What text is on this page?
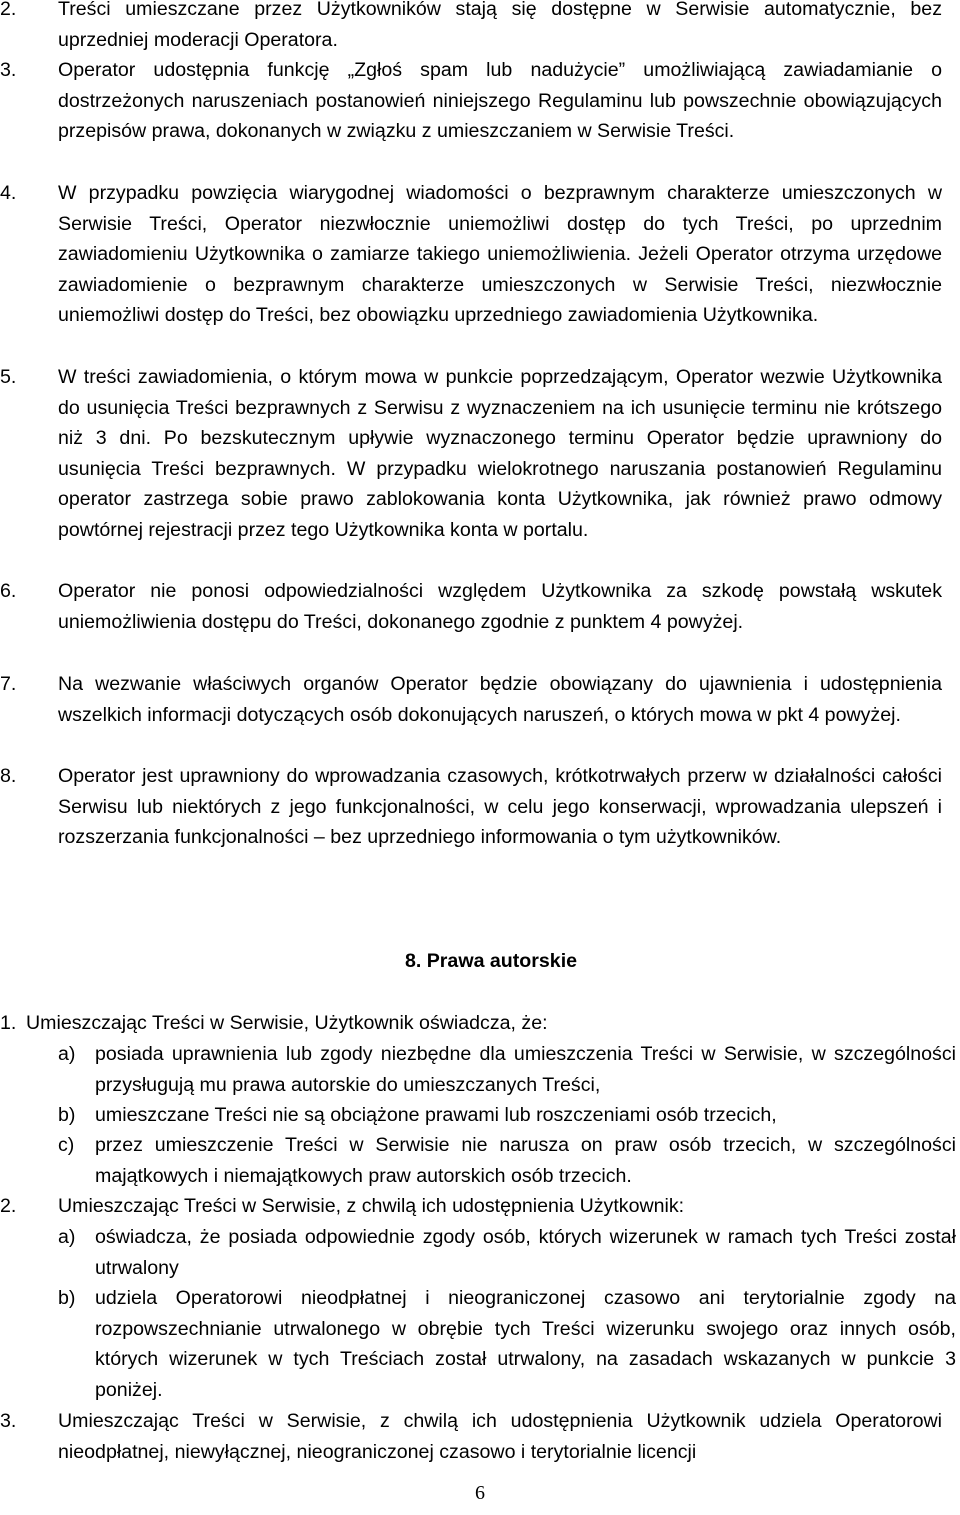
2. Treści umieszczane przez Użytkowników stają się dostępne w Serwisie automatycznie, bez uprzedniej moderacji Operatora.
3. Operator udostępnia funkcję „Zgłoś spam lub nadużycie” umożliwiającą zawiadamianie o dostrzeżonych naruszeniach postanowień niniejszego Regulaminu lub powszechnie obowiązujących przepisów prawa, dokonanych w związku z umieszczaniem w Serwisie Treści.
4. W przypadku powzięcia wiarygodnej wiadomości o bezprawnym charakterze umieszczonych w Serwisie Treści, Operator niezwłocznie uniemożliwi dostęp do tych Treści, po uprzednim zawiadomieniu Użytkownika o zamiarze takiego uniemożliwienia. Jeżeli Operator otrzyma urzędowe zawiadomienie o bezprawnym charakterze umieszczonych w Serwisie Treści, niezwłocznie uniemożliwi dostęp do Treści, bez obowiązku uprzedniego zawiadomienia Użytkownika.
5. W treści zawiadomienia, o którym mowa w punkcie poprzedzającym, Operator wezwie Użytkownika do usunięcia Treści bezprawnych z Serwisu z wyznaczeniem na ich usunięcie terminu nie krótszego niż 3 dni. Po bezskutecznym upływie wyznaczonego terminu Operator będzie uprawniony do usunięcia Treści bezprawnych. W przypadku wielokrotnego naruszania postanowień Regulaminu operator zastrzega sobie prawo zablokowania konta Użytkownika, jak również prawo odmowy powtórnej rejestracji przez tego Użytkownika konta w portalu.
6. Operator nie ponosi odpowiedzialności względem Użytkownika za szkodę powstałą wskutek uniemożliwienia dostępu do Treści, dokonanego zgodnie z punktem 4 powyżej.
7. Na wezwanie właściwych organów Operator będzie obowiązany do ujawnienia i udostępnienia wszelkich informacji dotyczących osób dokonujących naruszeń, o których mowa w pkt 4 powyżej.
8. Operator jest uprawniony do wprowadzania czasowych, krótkotrwałych przerw w działalności całości Serwisu lub niektórych z jego funkcjonalności, w celu jego konserwacji, wprowadzania ulepszeń i rozszerzania funkcjonalności – bez uprzedniego informowania o tym użytkowników.
8. Prawa autorskie
1. Umieszczając Treści w Serwisie, Użytkownik oświadcza, że:
a) posiada uprawnienia lub zgody niezbędne dla umieszczenia Treści w Serwisie, w szczególności przysługują mu prawa autorskie do umieszczanych Treści,
b) umieszczane Treści nie są obciążone prawami lub roszczeniami osób trzecich,
c) przez umieszczenie Treści w Serwisie nie narusza on praw osób trzecich, w szczególności majątkowych i niemajątkowych praw autorskich osób trzecich.
2. Umieszczając Treści w Serwisie, z chwilą ich udostępnienia Użytkownik:
a) oświadcza, że posiada odpowiednie zgody osób, których wizerunek w ramach tych Treści został utrwalony
b) udziela Operatorowi nieodpłatnej i nieograniczonej czasowo ani terytorialnie zgody na rozpowszechnianie utrwalonego w obrębie tych Treści wizerunku swojego oraz innych osób, których wizerunek w tych Treściach został utrwalony, na zasadach wskazanych w punkcie 3 poniżej.
3. Umieszczając Treści w Serwisie, z chwilą ich udostępnienia Użytkownik udziela Operatorowi nieodpłatnej, niewyłącznej, nieograniczonej czasowo i terytorialnie licencji
6
